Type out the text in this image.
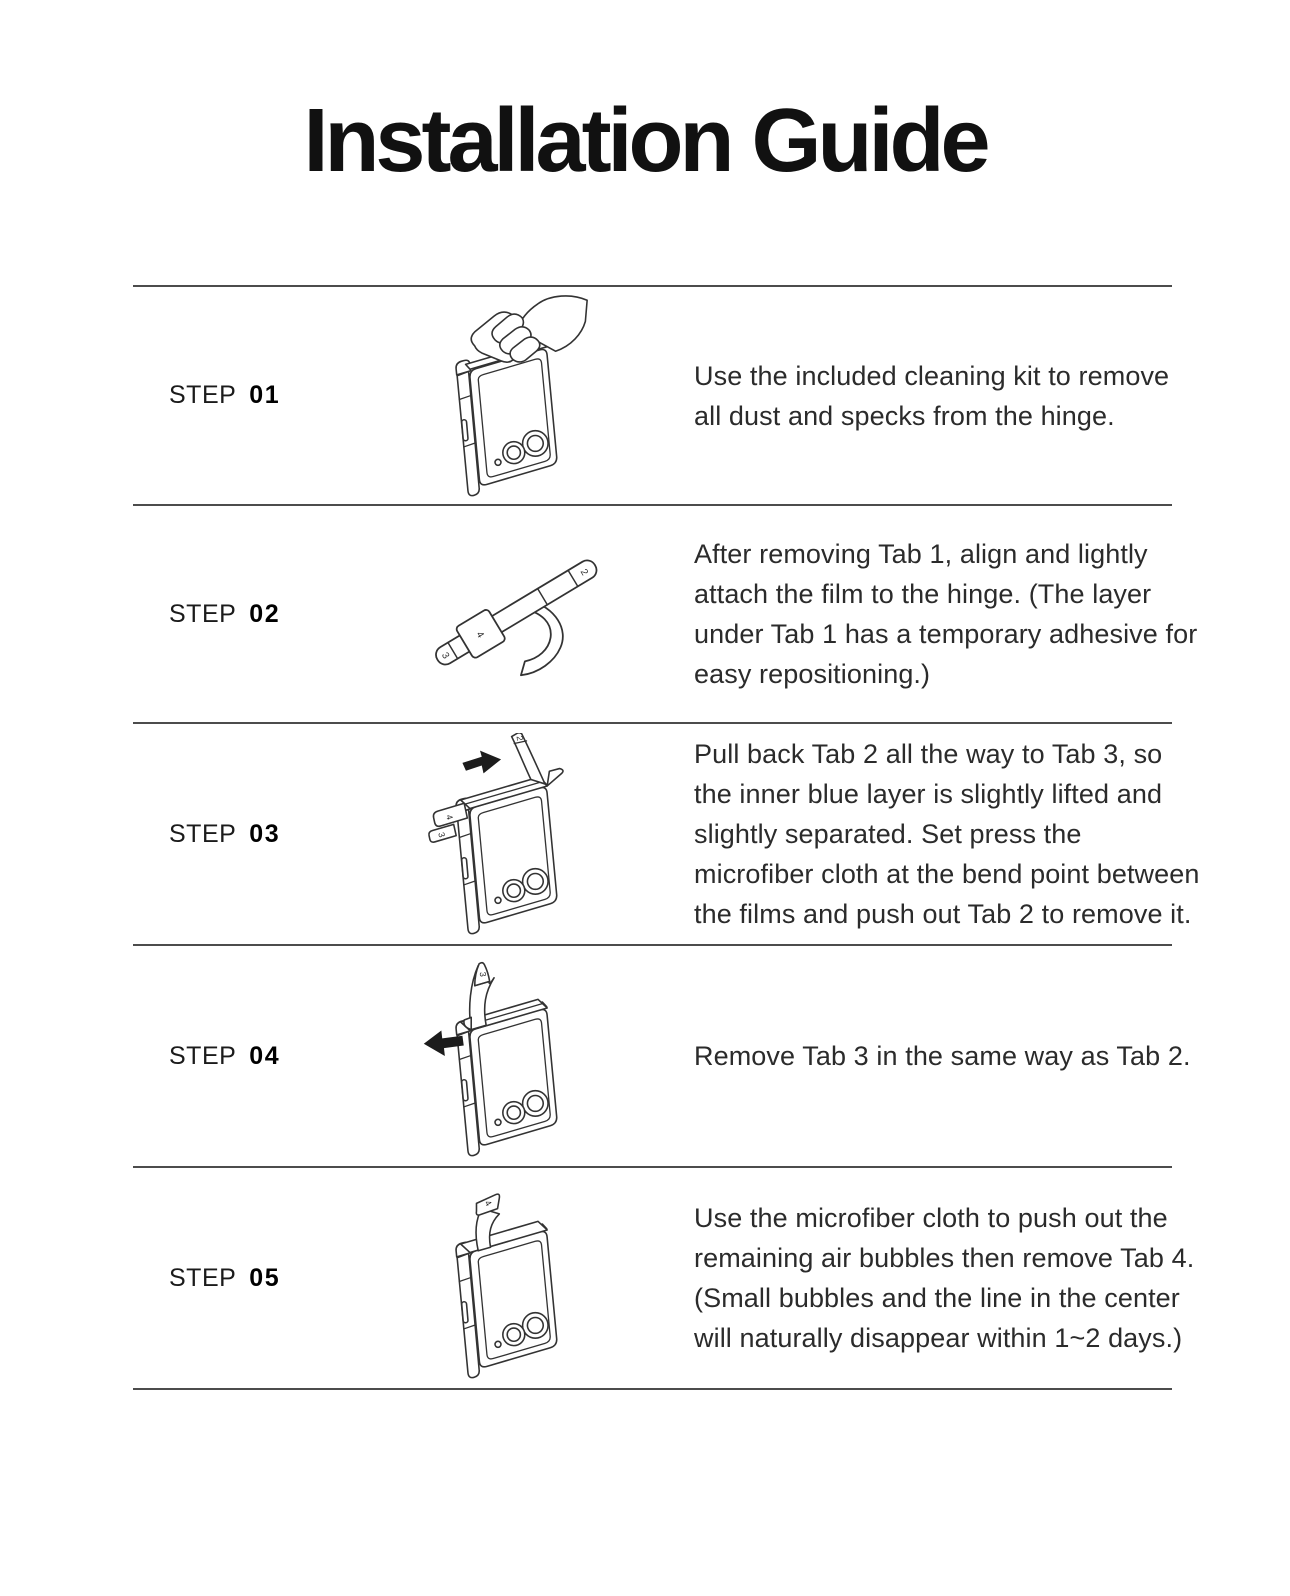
Installation Guide
STEP 01
Use the included cleaning kit to remove all dust and specks from the hinge.
STEP 02
2
4
3
After removing Tab 1, align and lightly attach the film to the hinge. (The layer under Tab 1 has a temporary adhesive for easy repositioning.)
STEP 03
2
4
3
Pull back Tab 2 all the way to Tab 3, so the inner blue layer is slightly lifted and slightly separated. Set press the microfiber cloth at the bend point between the films and push out Tab 2 to remove it.
STEP 04
3
Remove Tab 3 in the same way as Tab 2.
STEP 05
4	Use the microfiber cloth to push out the remaining air bubbles then remove Tab 4. (Small bubbles and the line in the center will naturally disappear within 1~2 days.)
